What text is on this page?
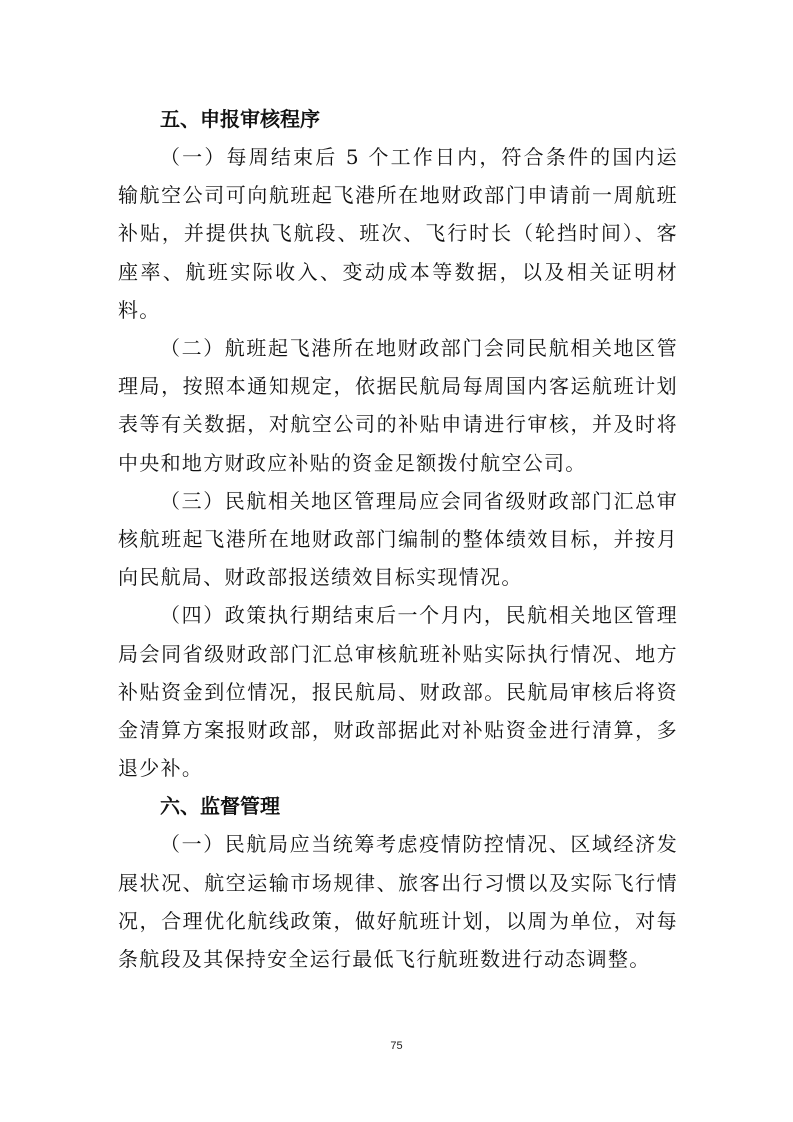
五、申报审核程序

（一）每周结束后 5 个工作日内，符合条件的国内运输航空公司可向航班起飞港所在地财政部门申请前一周航班补贴，并提供执飞航段、班次、飞行时长（轮挡时间）、客座率、航班实际收入、变动成本等数据，以及相关证明材料。

（二）航班起飞港所在地财政部门会同民航相关地区管理局，按照本通知规定，依据民航局每周国内客运航班计划表等有关数据，对航空公司的补贴申请进行审核，并及时将中央和地方财政应补贴的资金足额拨付航空公司。

（三）民航相关地区管理局应会同省级财政部门汇总审核航班起飞港所在地财政部门编制的整体绩效目标，并按月向民航局、财政部报送绩效目标实现情况。

（四）政策执行期结束后一个月内，民航相关地区管理局会同省级财政部门汇总审核航班补贴实际执行情况、地方补贴资金到位情况，报民航局、财政部。民航局审核后将资金清算方案报财政部，财政部据此对补贴资金进行清算，多退少补。

六、监督管理

（一）民航局应当统筹考虑疫情防控情况、区域经济发展状况、航空运输市场规律、旅客出行习惯以及实际飞行情况，合理优化航线政策，做好航班计划，以周为单位，对每条航段及其保持安全运行最低飞行航班数进行动态调整。

75
